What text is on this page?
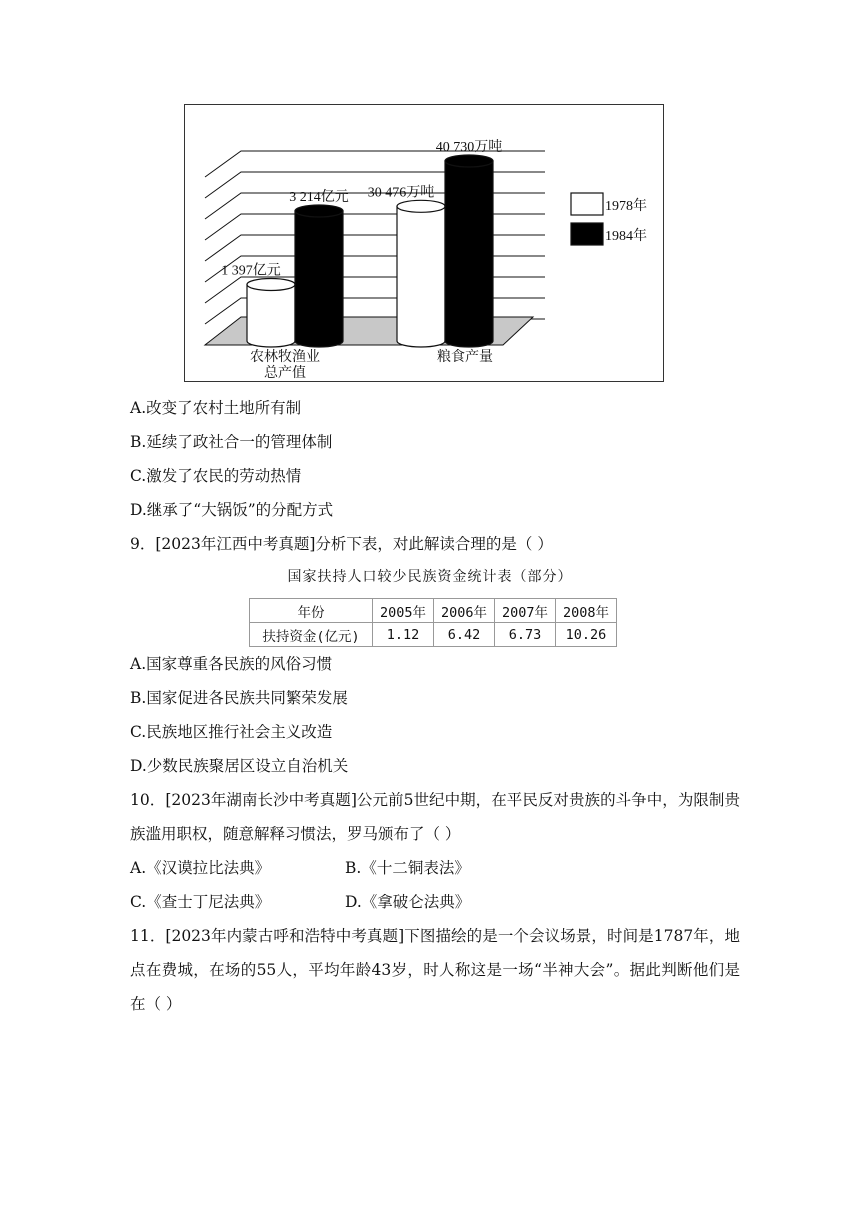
1 397亿元
3 214亿元
农林牧渔业
总产值
30 476万吨
40 730万吨
粮食产量
1978年
1984年
A.改变了农村土地所有制
B.延续了政社合一的管理体制
C.激发了农民的劳动热情
D.继承了“大锅饭”的分配方式
9．[2023年江西中考真题]分析下表，对此解读合理的是（ ）
国家扶持人口较少民族资金统计表（部分）
年份	2005年	2006年	2007年	2008年
扶持资金(亿元)	1.12	6.42	6.73	10.26
A.国家尊重各民族的风俗习惯
B.国家促进各民族共同繁荣发展
C.民族地区推行社会主义改造
D.少数民族聚居区设立自治机关
10．[2023年湖南长沙中考真题]公元前5世纪中期，在平民反对贵族的斗争中，为限制贵族滥用职权，随意解释习惯法，罗马颁布了（ ）
A.《汉谟拉比法典》	B.《十二铜表法》
C.《查士丁尼法典》	D.《拿破仑法典》
11．[2023年内蒙古呼和浩特中考真题]下图描绘的是一个会议场景，时间是1787年，地点在费城，在场的55人，平均年龄43岁，时人称这是一场“半神大会”。据此判断他们是在（ ）
